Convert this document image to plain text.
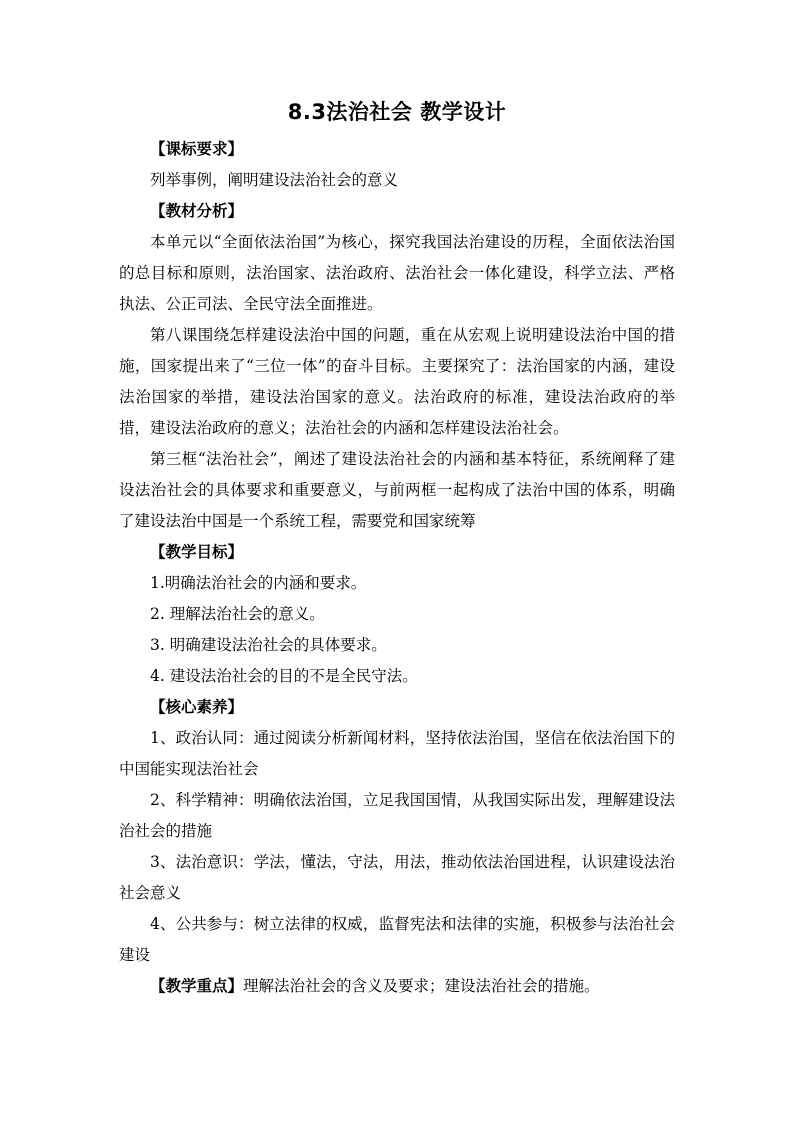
8.3法治社会 教学设计
【课标要求】
列举事例，阐明建设法治社会的意义
【教材分析】

本单元以“全面依法治国”为核心，探究我国法治建设的历程，全面依法治国的总目标和原则，法治国家、法治政府、法治社会一体化建设，科学立法、严格执法、公正司法、全民守法全面推进。

第八课围绕怎样建设法治中国的问题，重在从宏观上说明建设法治中国的措施，国家提出来了“三位一体”的奋斗目标。主要探究了：法治国家的内涵，建设法治国家的举措，建设法治国家的意义。法治政府的标准，建设法治政府的举措，建设法治政府的意义；法治社会的内涵和怎样建设法治社会。

第三框“法治社会”，阐述了建设法治社会的内涵和基本特征，系统阐释了建设法治社会的具体要求和重要意义，与前两框一起构成了法治中国的体系，明确了建设法治中国是一个系统工程，需要党和国家统筹

【教学目标】
1.明确法治社会的内涵和要求。
2. 理解法治社会的意义。
3. 明确建设法治社会的具体要求。
4. 建设法治社会的目的不是全民守法。
【核心素养】

1、政治认同：通过阅读分析新闻材料，坚持依法治国，坚信在依法治国下的中国能实现法治社会

2、科学精神：明确依法治国，立足我国国情，从我国实际出发，理解建设法治社会的措施

3、法治意识：学法，懂法，守法，用法，推动依法治国进程，认识建设法治社会意义

4、公共参与：树立法律的权威，监督宪法和法律的实施，积极参与法治社会建设

【教学重点】理解法治社会的含义及要求；建设法治社会的措施。
